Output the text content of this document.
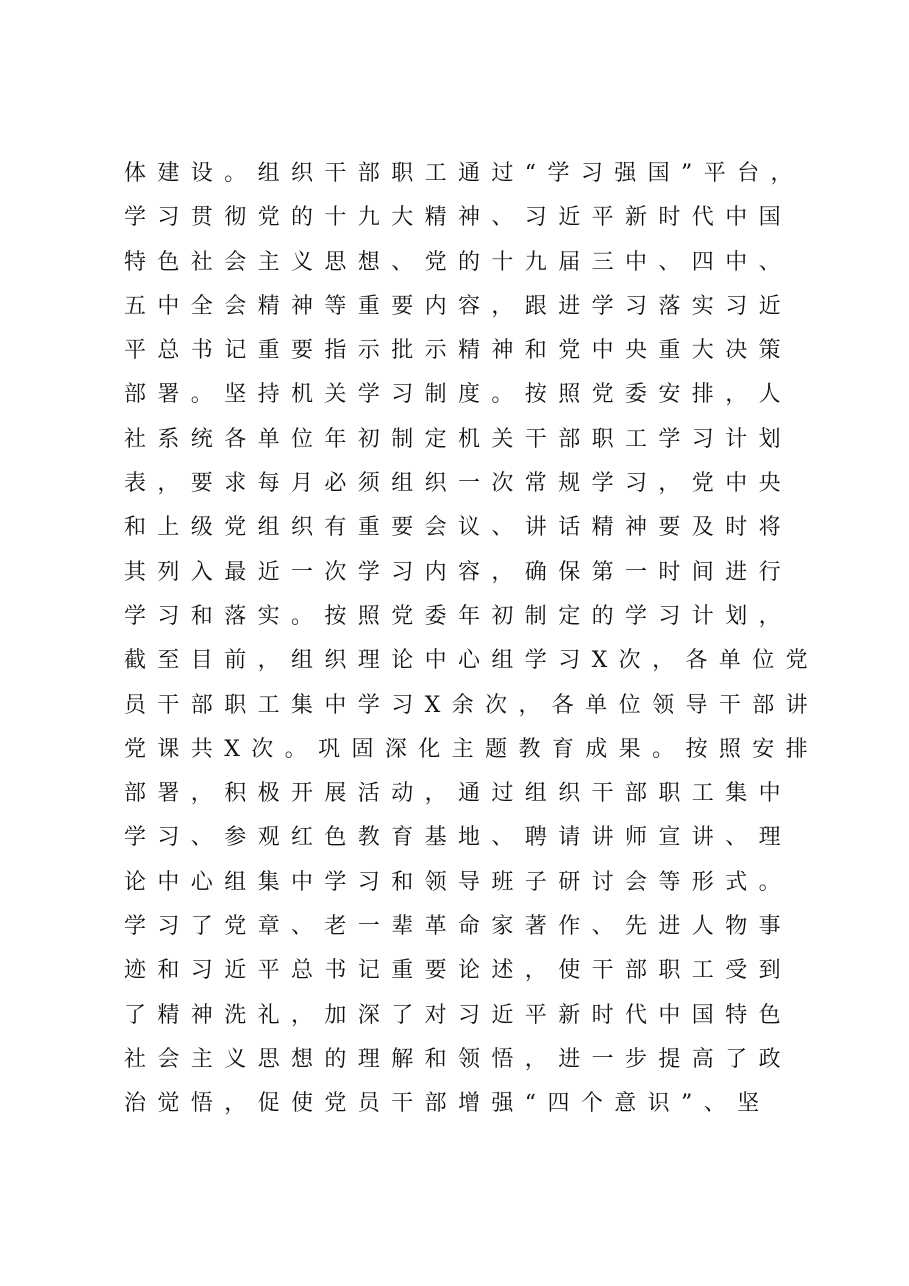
体建设。组织干部职工通过“学习强国”平台，
学习贯彻党的十九大精神、习近平新时代中国
特色社会主义思想、党的十九届三中、四中、
五中全会精神等重要内容，跟进学习落实习近
平总书记重要指示批示精神和党中央重大决策
部署。坚持机关学习制度。按照党委安排，人
社系统各单位年初制定机关干部职工学习计划
表，要求每月必须组织一次常规学习，党中央
和上级党组织有重要会议、讲话精神要及时将
其列入最近一次学习内容，确保第一时间进行
学习和落实。按照党委年初制定的学习计划，
截至目前，组织理论中心组学习X次，各单位党
员干部职工集中学习X余次，各单位领导干部讲
党课共X次。巩固深化主题教育成果。按照安排
部署，积极开展活动，通过组织干部职工集中
学习、参观红色教育基地、聘请讲师宣讲、理
论中心组集中学习和领导班子研讨会等形式。
学习了党章、老一辈革命家著作、先进人物事
迹和习近平总书记重要论述，使干部职工受到
了精神洗礼，加深了对习近平新时代中国特色
社会主义思想的理解和领悟，进一步提高了政
治觉悟，促使党员干部增强“四个意识”、坚
